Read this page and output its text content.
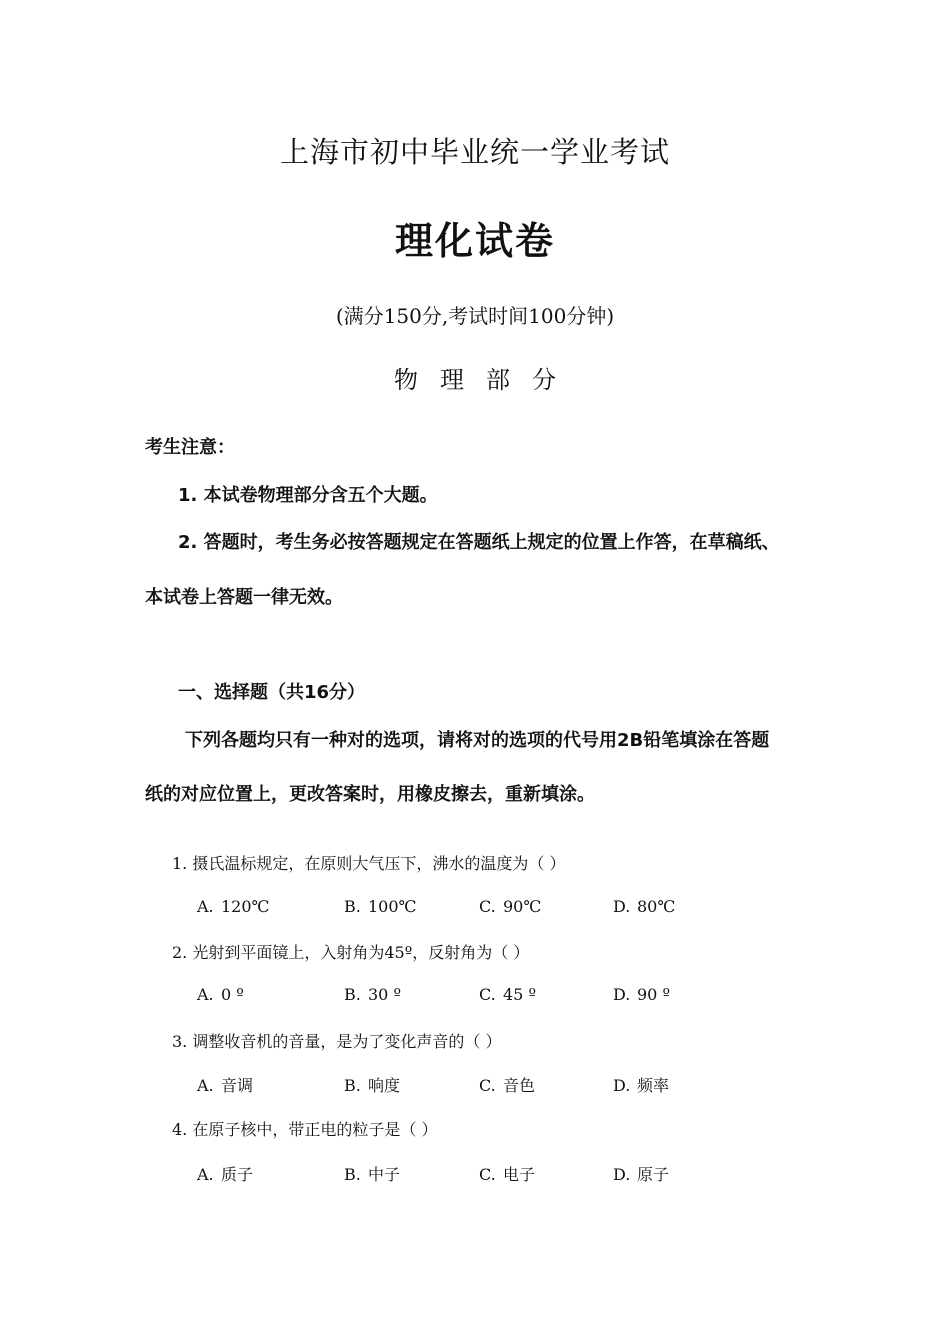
上海市初中毕业统一学业考试
理化试卷
(满分150分,考试时间100分钟)
物理部分
考生注意：
1. 本试卷物理部分含五个大题。
2. 答题时，考生务必按答题规定在答题纸上规定的位置上作答，在草稿纸、
本试卷上答题一律无效。
一、选择题（共16分）
下列各题均只有一种对的选项，请将对的选项的代号用2B铅笔填涂在答题
纸的对应位置上，更改答案时，用橡皮擦去，重新填涂。
1. 摄氏温标规定，在原则大气压下，沸水的温度为（ ）
A. 120℃	B. 100℃	C. 90℃	D. 80℃
2. 光射到平面镜上，入射角为45º，反射角为（ ）
A. 0 º	B. 30 º	C. 45 º	D. 90 º
3. 调整收音机的音量，是为了变化声音的（ ）
A. 音调	B. 响度	C. 音色	D. 频率
4. 在原子核中，带正电的粒子是（ ）
A. 质子	B. 中子	C. 电子	D. 原子
